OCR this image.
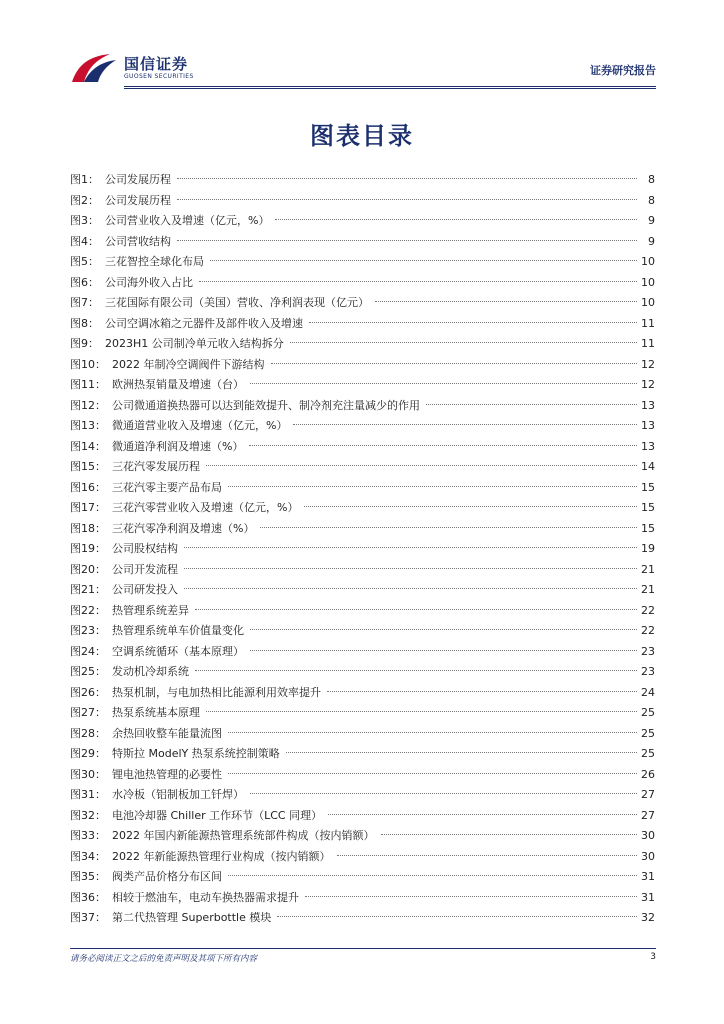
国信证券
GUOSEN SECURITIES	证券研究报告
图表目录
图1： 公司发展历程	8
图2： 公司发展历程	8
图3： 公司营业收入及增速（亿元，%）	9
图4： 公司营收结构	9
图5： 三花智控全球化布局	10
图6： 公司海外收入占比	10
图7： 三花国际有限公司（美国）营收、净利润表现（亿元）	10
图8： 公司空调冰箱之元器件及部件收入及增速	11
图9： 2023H1 公司制冷单元收入结构拆分	11
图10： 2022 年制冷空调阀件下游结构	12
图11： 欧洲热泵销量及增速（台）	12
图12： 公司微通道换热器可以达到能效提升、制冷剂充注量减少的作用	13
图13： 微通道营业收入及增速（亿元，%）	13
图14： 微通道净利润及增速（%）	13
图15： 三花汽零发展历程	14
图16： 三花汽零主要产品布局	15
图17： 三花汽零营业收入及增速（亿元，%）	15
图18： 三花汽零净利润及增速（%）	15
图19： 公司股权结构	19
图20： 公司开发流程	21
图21： 公司研发投入	21
图22： 热管理系统差异	22
图23： 热管理系统单车价值量变化	22
图24： 空调系统循环（基本原理）	23
图25： 发动机冷却系统	23
图26： 热泵机制，与电加热相比能源利用效率提升	24
图27： 热泵系统基本原理	25
图28： 余热回收整车能量流图	25
图29： 特斯拉 ModelY 热泵系统控制策略	25
图30： 锂电池热管理的必要性	26
图31： 水冷板（铝制板加工钎焊）	27
图32： 电池冷却器 Chiller 工作环节（LCC 同理）	27
图33： 2022 年国内新能源热管理系统部件构成（按内销额）	30
图34： 2022 年新能源热管理行业构成（按内销额）	30
图35： 阀类产品价格分布区间	31
图36： 相较于燃油车，电动车换热器需求提升	31
图37： 第二代热管理 Superbottle 模块	32
请务必阅读正文之后的免责声明及其项下所有内容	3
